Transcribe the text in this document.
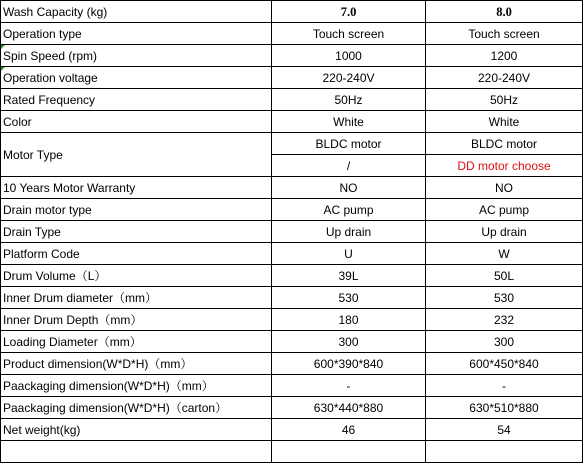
Wash Capacity (kg)	7.0	8.0	
Operation type	Touch screen	Touch screen	
Spin Speed (rpm)	1000	1200	
Operation voltage	220-240V	220-240V	
Rated Frequency	50Hz	50Hz	
Color	White	White	
Motor Type	BLDC motor	BLDC motor	
	/	DD motor choose	
10 Years Motor Warranty	NO	NO	
Drain motor type	AC pump	AC pump	
Drain Type	Up drain	Up drain	
Platform Code	U	W	
Drum Volume（L）	39L	50L	
Inner Drum diameter（mm）	530	530	
Inner Drum Depth（mm）	180	232	
Loading Diameter（mm）	300	300	
Product dimension(W*D*H)（mm）	600*390*840	600*450*840	
Paackaging dimension(W*D*H)（mm）	-	-	
Paackaging dimension(W*D*H)（carton）	630*440*880	630*510*880	
Net weight(kg)	46	54	
